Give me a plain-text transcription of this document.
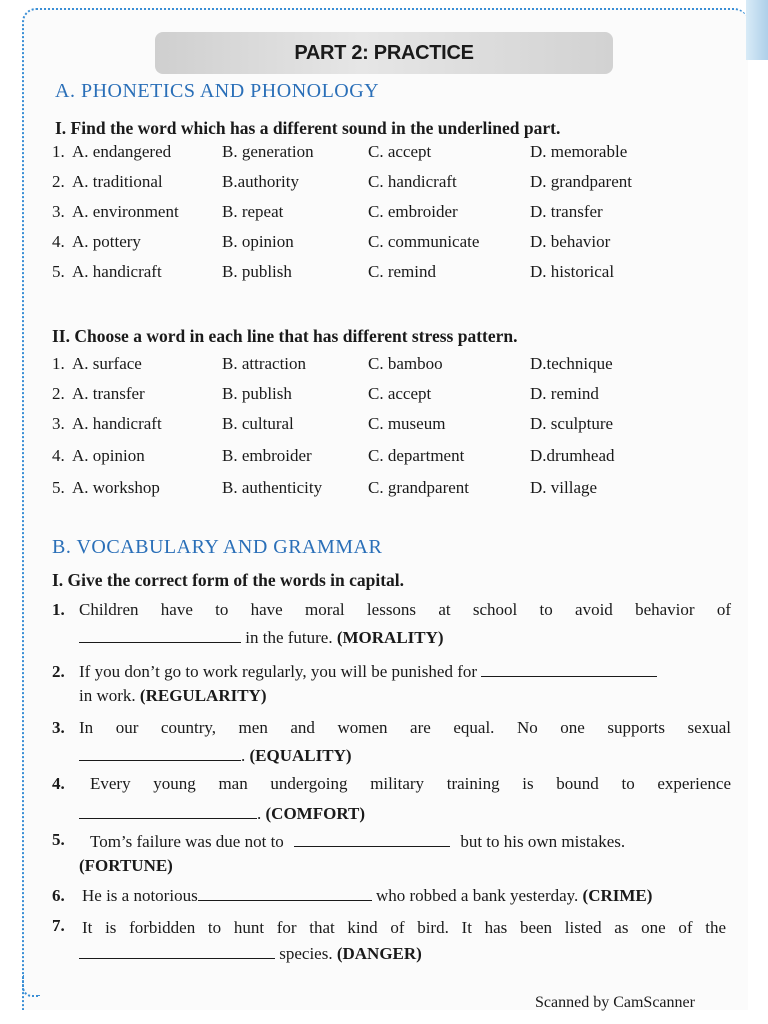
PART 2: PRACTICE
A. PHONETICS AND PHONOLOGY
I. Find the word which has a different sound in the underlined part.
1. A. endangered	B. generation	C. accept	D. memorable
2. A. traditional	B.authority	C. handicraft	D. grandparent
3. A. environment	B. repeat	C. embroider	D. transfer
4. A. pottery	B. opinion	C. communicate	D. behavior
5. A. handicraft	B. publish	C. remind	D. historical
II. Choose a word in each line that has different stress pattern.
1. A. surface	B. attraction	C. bamboo	D.technique
2. A. transfer	B. publish	C. accept	D. remind
3. A. handicraft	B. cultural	C. museum	D. sculpture
4. A. opinion	B. embroider	C. department	D.drumhead
5. A. workshop	B. authenticity	C. grandparent	D. village
B. VOCABULARY AND GRAMMAR
I. Give the correct form of the words in capital.
1. Children have to have moral lessons at school to avoid behavior of
in the future. (MORALITY)
2. If you don’t go to work regularly, you will be punished for
in work. (REGULARITY)
3. In our country, men and women are equal. No one supports sexual
. (EQUALITY)
4. Every young man undergoing military training is bound to experience
. (COMFORT)
5. Tom’s failure was due not to	but to his own mistakes.
(FORTUNE)
6. He is a notorious	who robbed a bank yesterday. (CRIME)
7. It is forbidden to hunt for that kind of bird. It has been listed as one of the
species. (DANGER)
Scanned by CamScanner
